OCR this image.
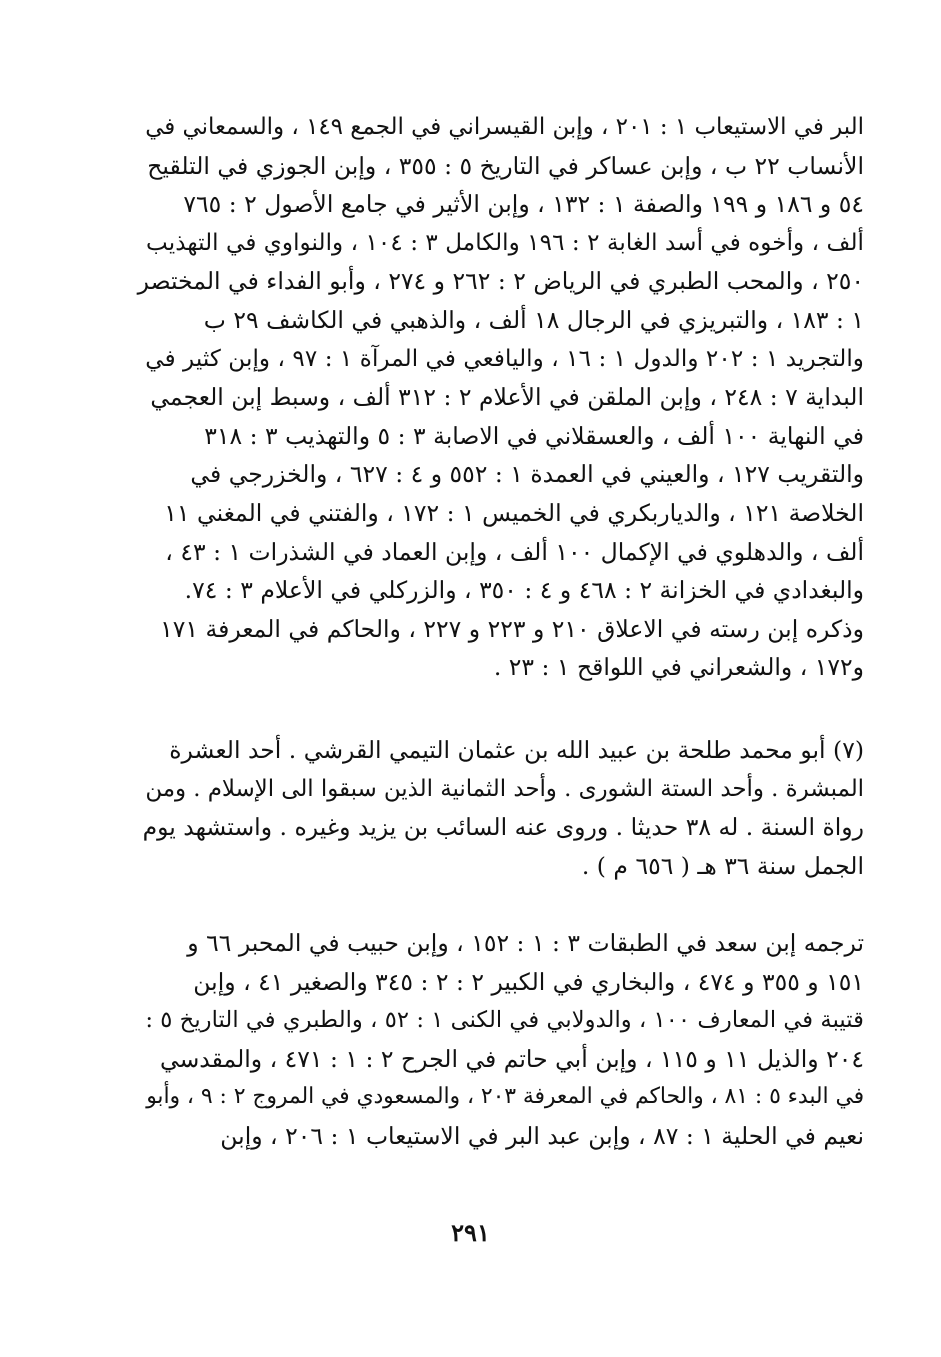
البر في الاستيعاب ١ : ٢٠١ ، وإبن القيسراني في الجمع ١٤٩ ، والسمعاني في
الأنساب ٢٢ ب ، وإبن عساكر في التاريخ ٥ : ٣٥٥ ، وإبن الجوزي في التلقيح
٥٤ و ١٨٦ و ١٩٩ والصفة ١ : ١٣٢ ، وإبن الأثير في جامع الأصول ٢ : ٧٦٥
ألف ، وأخوه في أسد الغابة ٢ : ١٩٦ والكامل ٣ : ١٠٤ ، والنواوي في التهذيب
٢٥٠ ، والمحب الطبري في الرياض ٢ : ٢٦٢ و ٢٧٤ ، وأبو الفداء في المختصر
١ : ١٨٣ ، والتبريزي في الرجال ١٨ ألف ، والذهبي في الكاشف ٢٩ ب
والتجريد ١ : ٢٠٢ والدول ١ : ١٦ ، واليافعي في المرآة ١ : ٩٧ ، وإبن كثير في
البداية ٧ : ٢٤٨ ، وإبن الملقن في الأعلام ٢ : ٣١٢ ألف ، وسبط إبن العجمي
في النهاية ١٠٠ ألف ، والعسقلاني في الاصابة ٣ : ٥ والتهذيب ٣ : ٣١٨
والتقريب ١٢٧ ، والعيني في العمدة ١ : ٥٥٢ و ٤ : ٦٢٧ ، والخزرجي في
الخلاصة ١٢١ ، والدياربكري في الخميس ١ : ١٧٢ ، والفتني في المغني ١١
ألف ، والدهلوي في الإكمال ١٠٠ ألف ، وإبن العماد في الشذرات ١ : ٤٣ ،
والبغدادي في الخزانة ٢ : ٤٦٨ و ٤ : ٣٥٠ ، والزركلي في الأعلام ٣ : ٧٤.
وذكره إبن رسته في الاعلاق ٢١٠ و ٢٢٣ و ٢٢٧ ، والحاكم في المعرفة ١٧١
و١٧٢ ، والشعراني في اللواقح ١ : ٢٣ .
(٧) أبو محمد طلحة بن عبيد الله بن عثمان التيمي القرشي . أحد العشرة
المبشرة . وأحد الستة الشورى . وأحد الثمانية الذين سبقوا الى الإسلام . ومن
رواة السنة . له ٣٨ حديثا . وروى عنه السائب بن يزيد وغيره . واستشهد يوم
الجمل سنة ٣٦ هـ ( ٦٥٦ م ) .
ترجمه إبن سعد في الطبقات ٣ : ١ : ١٥٢ ، وإبن حبيب في المحبر ٦٦ و
١٥١ و ٣٥٥ و ٤٧٤ ، والبخاري في الكبير ٢ : ٢ : ٣٤٥ والصغير ٤١ ، وإبن
قتيبة في المعارف ١٠٠ ، والدولابي في الكنى ١ : ٥٢ ، والطبري في التاريخ ٥ :
٢٠٤ والذيل ١١ و ١١٥ ، وإبن أبي حاتم في الجرح ٢ : ١ : ٤٧١ ، والمقدسي
في البدء ٥ : ٨١ ، والحاكم في المعرفة ٢٠٣ ، والمسعودي في المروج ٢ : ٩ ، وأبو
نعيم في الحلية ١ : ٨٧ ، وإبن عبد البر في الاستيعاب ١ : ٢٠٦ ، وإبن
٢٩١
